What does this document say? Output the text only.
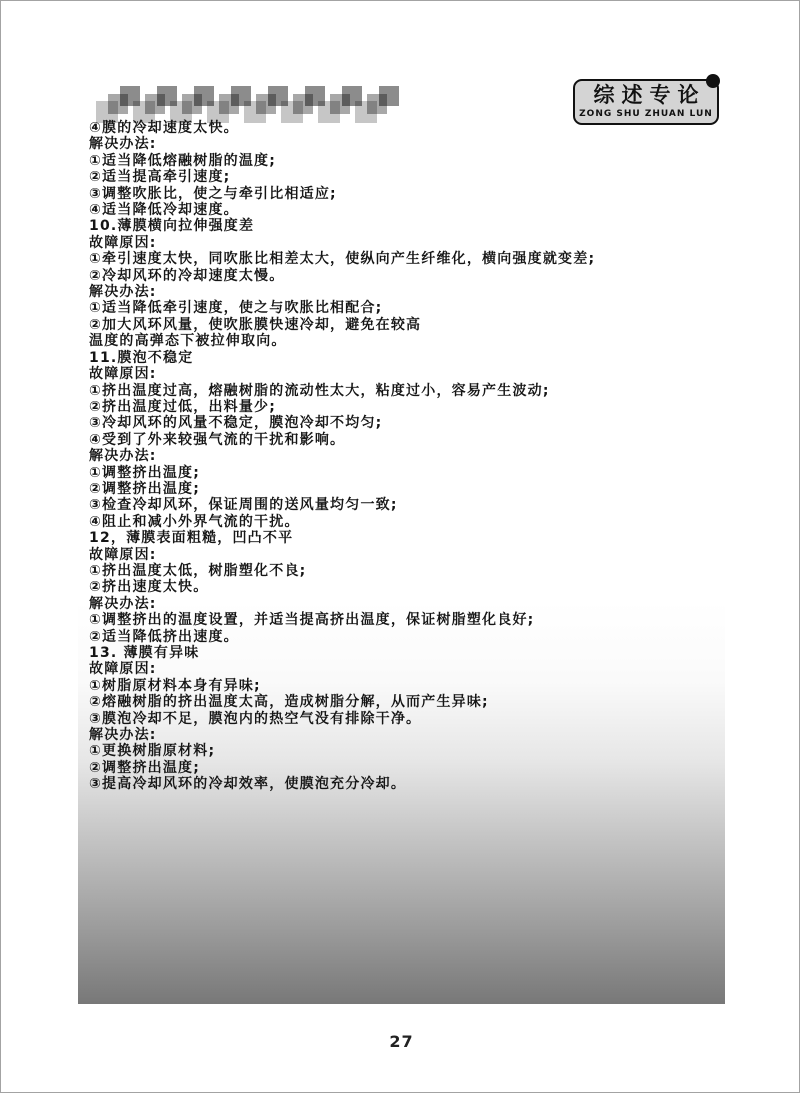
综述专论
ZONG SHU ZHUAN LUN
④膜的冷却速度太快。
解决办法:
①适当降低熔融树脂的温度;
②适当提高牵引速度;
③调整吹胀比，使之与牵引比相适应;
④适当降低冷却速度。
10.薄膜横向拉伸强度差
故障原因:
①牵引速度太快，同吹胀比相差太大，使纵向产生纤维化，横向强度就变差;
②冷却风环的冷却速度太慢。
解决办法:
①适当降低牵引速度，使之与吹胀比相配合;
②加大风环风量，使吹胀膜快速冷却，避免在较高
温度的高弹态下被拉伸取向。
11.膜泡不稳定
故障原因:
①挤出温度过高，熔融树脂的流动性太大，粘度过小，容易产生波动;
②挤出温度过低，出料量少;
③冷却风环的风量不稳定，膜泡冷却不均匀;
④受到了外来较强气流的干扰和影响。
解决办法:
①调整挤出温度;
②调整挤出温度;
③检查冷却风环，保证周围的送风量均匀一致;
④阻止和减小外界气流的干扰。
12，薄膜表面粗糙，凹凸不平
故障原因:
①挤出温度太低，树脂塑化不良;
②挤出速度太快。
解决办法:
①调整挤出的温度设置，并适当提高挤出温度，保证树脂塑化良好;
②适当降低挤出速度。
13. 薄膜有异味
故障原因:
①树脂原材料本身有异味;
②熔融树脂的挤出温度太高，造成树脂分解，从而产生异味;
③膜泡冷却不足，膜泡内的热空气没有排除干净。
解决办法:
①更换树脂原材料;
②调整挤出温度;
③提高冷却风环的冷却效率，使膜泡充分冷却。
27
